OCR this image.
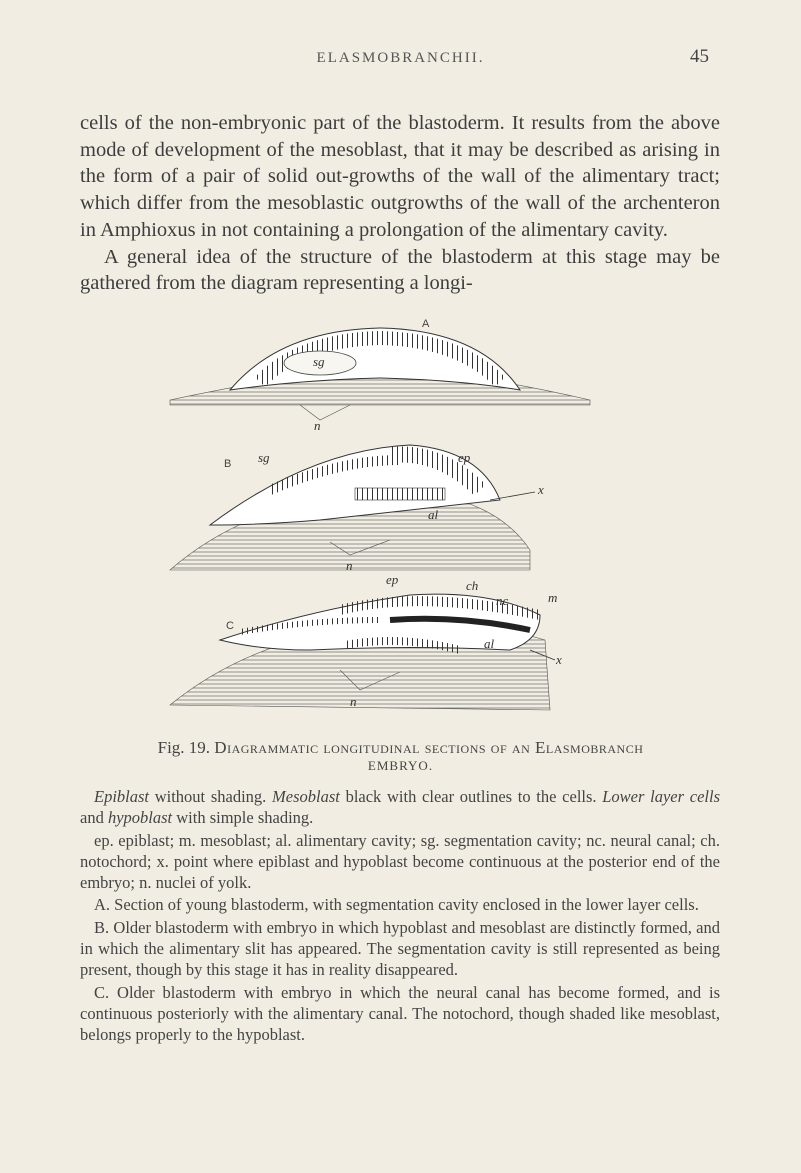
ELASMOBRANCHII.	45

cells of the non-embryonic part of the blastoderm. It results from the above mode of development of the mesoblast, that it may be described as arising in the form of a pair of solid out-growths of the wall of the alimentary tract; which differ from the mesoblastic outgrowths of the wall of the archenteron in Amphioxus in not containing a prolongation of the alimentary cavity.

A general idea of the structure of the blastoderm at this stage may be gathered from the diagram representing a longi-

A
sg
n
B sg	ep
x
al
n
C
ep	ch
nc	m
al
x
n
Fig. 19. Diagrammatic longitudinal sections of an Elasmobranch
EMBRYO.

Epiblast without shading. Mesoblast black with clear outlines to the cells. Lower layer cells and hypoblast with simple shading.

ep. epiblast; m. mesoblast; al. alimentary cavity; sg. segmentation cavity; nc. neural canal; ch. notochord; x. point where epiblast and hypoblast become continuous at the posterior end of the embryo; n. nuclei of yolk.

A. Section of young blastoderm, with segmentation cavity enclosed in the lower layer cells.

B. Older blastoderm with embryo in which hypoblast and mesoblast are distinctly formed, and in which the alimentary slit has appeared. The segmentation cavity is still represented as being present, though by this stage it has in reality disappeared.

C. Older blastoderm with embryo in which the neural canal has become formed, and is continuous posteriorly with the alimentary canal. The notochord, though shaded like mesoblast, belongs properly to the hypoblast.
